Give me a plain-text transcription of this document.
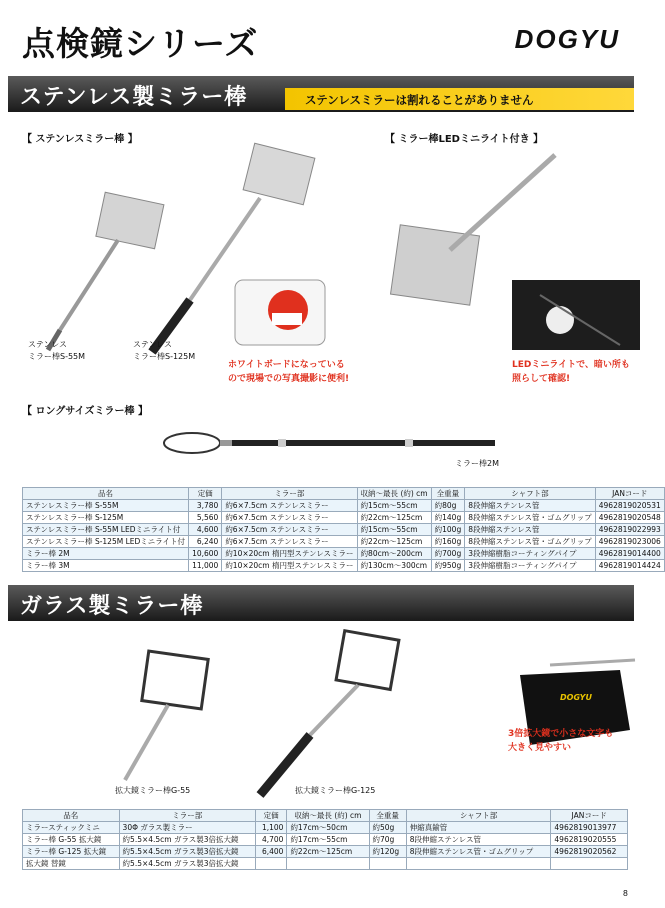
点検鏡シリーズ	DOGYU
ステンレス製ミラー棒	ステンレスミラーは割れることがありません
【 ステンレスミラー棒 】	【 ミラー棒LEDミニライト付き 】
ステンレス
ミラー棒S-55M
ステンレス
ミラー棒S-125M
ホワイトボードになっている
ので現場での写真撮影に便利!
LEDミニライトで、暗い所も
照らして確認!
【 ロングサイズミラー棒 】
ミラー棒2M
品名	定価	ミラー部	収納～最長 (約) cm	全重量	シャフト部	JANコード
ステンレスミラー棒 S-55M	3,780	約6×7.5cm ステンレスミラー	約15cm～55cm	約80g	8段伸縮ステンレス管	4962819020531
ステンレスミラー棒 S-125M	5,560	約6×7.5cm ステンレスミラー	約22cm～125cm	約140g	8段伸縮ステンレス管・ゴムグリップ	4962819020548
ステンレスミラー棒 S-55M LEDミニライト付	4,600	約6×7.5cm ステンレスミラー	約15cm～55cm	約100g	8段伸縮ステンレス管	4962819022993
ステンレスミラー棒 S-125M LEDミニライト付	6,240	約6×7.5cm ステンレスミラー	約22cm～125cm	約160g	8段伸縮ステンレス管・ゴムグリップ	4962819023006
ミラー棒 2M	10,600	約10×20cm 楕円型ステンレスミラー	約80cm～200cm	約700g	3段伸縮樹脂コーティングパイプ	4962819014400
ミラー棒 3M	11,000	約10×20cm 楕円型ステンレスミラー	約130cm～300cm	約950g	3段伸縮樹脂コーティングパイプ	4962819014424
ガラス製ミラー棒
DOGYU
拡大鏡ミラー棒G-55	拡大鏡ミラー棒G-125
3倍拡大鏡で小さな文字も
大きく見やすい
品名	ミラー部	定価	収納～最長 (約) cm	全重量	シャフト部	JANコード
ミラースティックミニ	30Φ ガラス製ミラー	1,100	約17cm～50cm	約50g	伸縮真鍮管	4962819013977
ミラー棒 G-55 拡大鏡	約5.5×4.5cm ガラス製3倍拡大鏡	4,700	約17cm～55cm	約70g	8段伸縮ステンレス管	4962819020555
ミラー棒 G-125 拡大鏡	約5.5×4.5cm ガラス製3倍拡大鏡	6,400	約22cm～125cm	約120g	8段伸縮ステンレス管・ゴムグリップ	4962819020562
拡大鏡 替鏡	約5.5×4.5cm ガラス製3倍拡大鏡					
8
